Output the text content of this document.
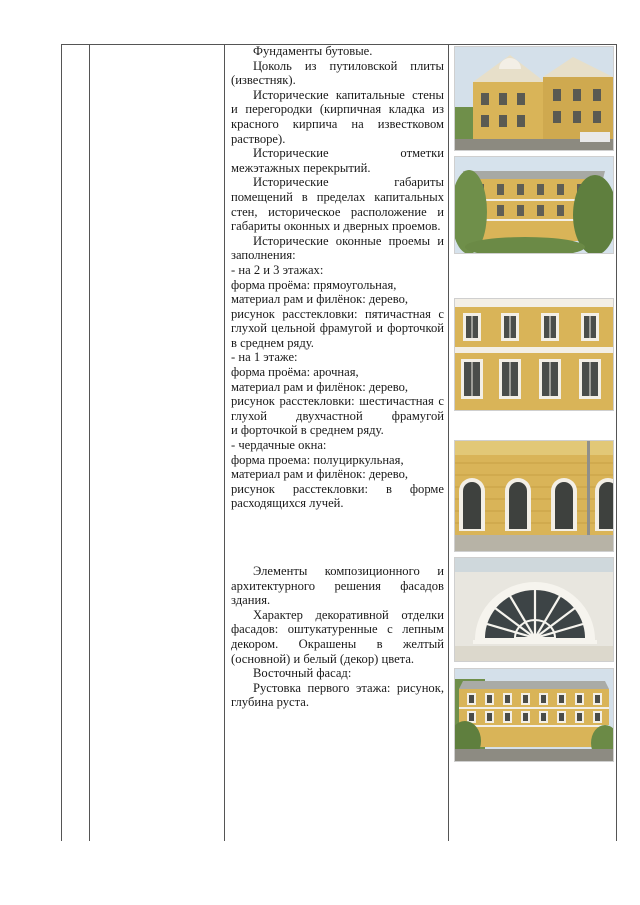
Фундаменты бутовые.

Цоколь из путиловской плиты (известняк).

Исторические капитальные стены и перегородки (кирпичная кладка из красного кирпича на известковом растворе).

Исторические отметки межэтажных перекрытий.

Исторические габариты помещений в пределах капитальных стен, историческое расположение и габариты оконных и дверных проемов.

Исторические оконные проемы и заполнения:

- на 2 и 3 этажах:

форма проёма: прямоугольная,

материал рам и филёнок: дерево,

рисунок расстекловки: пятичастная с глухой цельной фрамугой и форточкой в среднем ряду.

- на 1 этаже:

форма проёма: арочная,

материал рам и филёнок: дерево,

рисунок расстекловки: шестичастная с глухой двухчастной фрамугой

и форточкой в среднем ряду.

- чердачные окна:

форма проема: полуциркульная,

материал рам и филёнок: дерево,

рисунок расстекловки: в форме расходящихся лучей.

Элементы композиционного и архитектурного решения фасадов здания.

Характер декоративной отделки фасадов: оштукатуренные с лепным декором. Окрашены в желтый (основной) и белый (декор) цвета.

Восточный фасад:

Рустовка первого этажа: рисунок, глубина руста.
